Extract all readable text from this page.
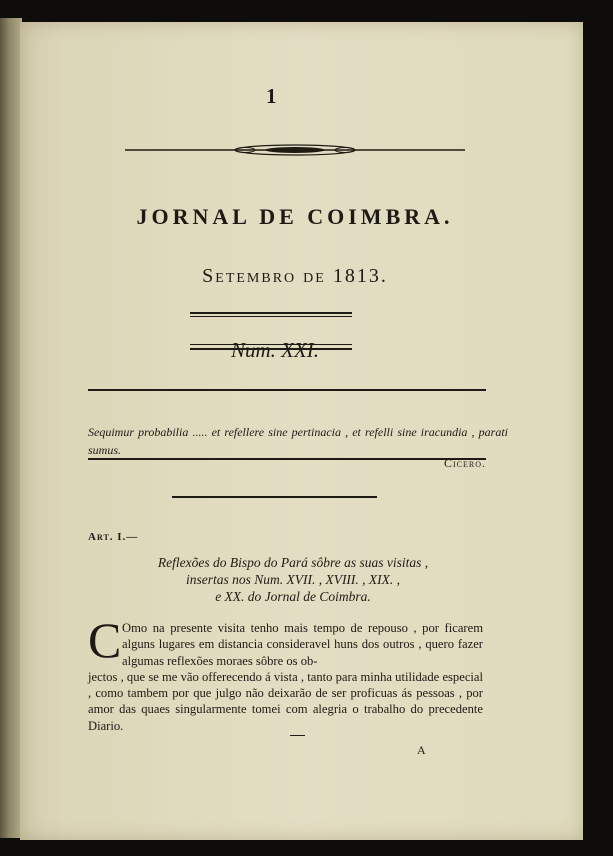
1
JORNAL DE COIMBRA.
Setembro de 1813.
Num. XXI.
Sequimur probabilia ..... et refellere sine pertinacia , et refelli sine iracundia , parati sumus.
Cicero.
Art. I.—
Reflexões do Bispo do Pará sôbre as suas visitas ,
insertas nos Num. XVII. , XVIII. , XIX. ,
e XX. do Jornal de Coimbra.
C Omo na presente visita tenho mais tempo de repouso , por ficarem alguns lugares em distancia consideravel huns dos outros , quero fazer algumas reflexões moraes sôbre os ob-
jectos , que se me vão offerecendo á vista , tanto para minha utilidade especial , como tambem por que julgo não deixarão de ser proficuas ás pessoas , por amor das quaes singularmente tomei com alegria o trabalho do precedente Diario.
A
